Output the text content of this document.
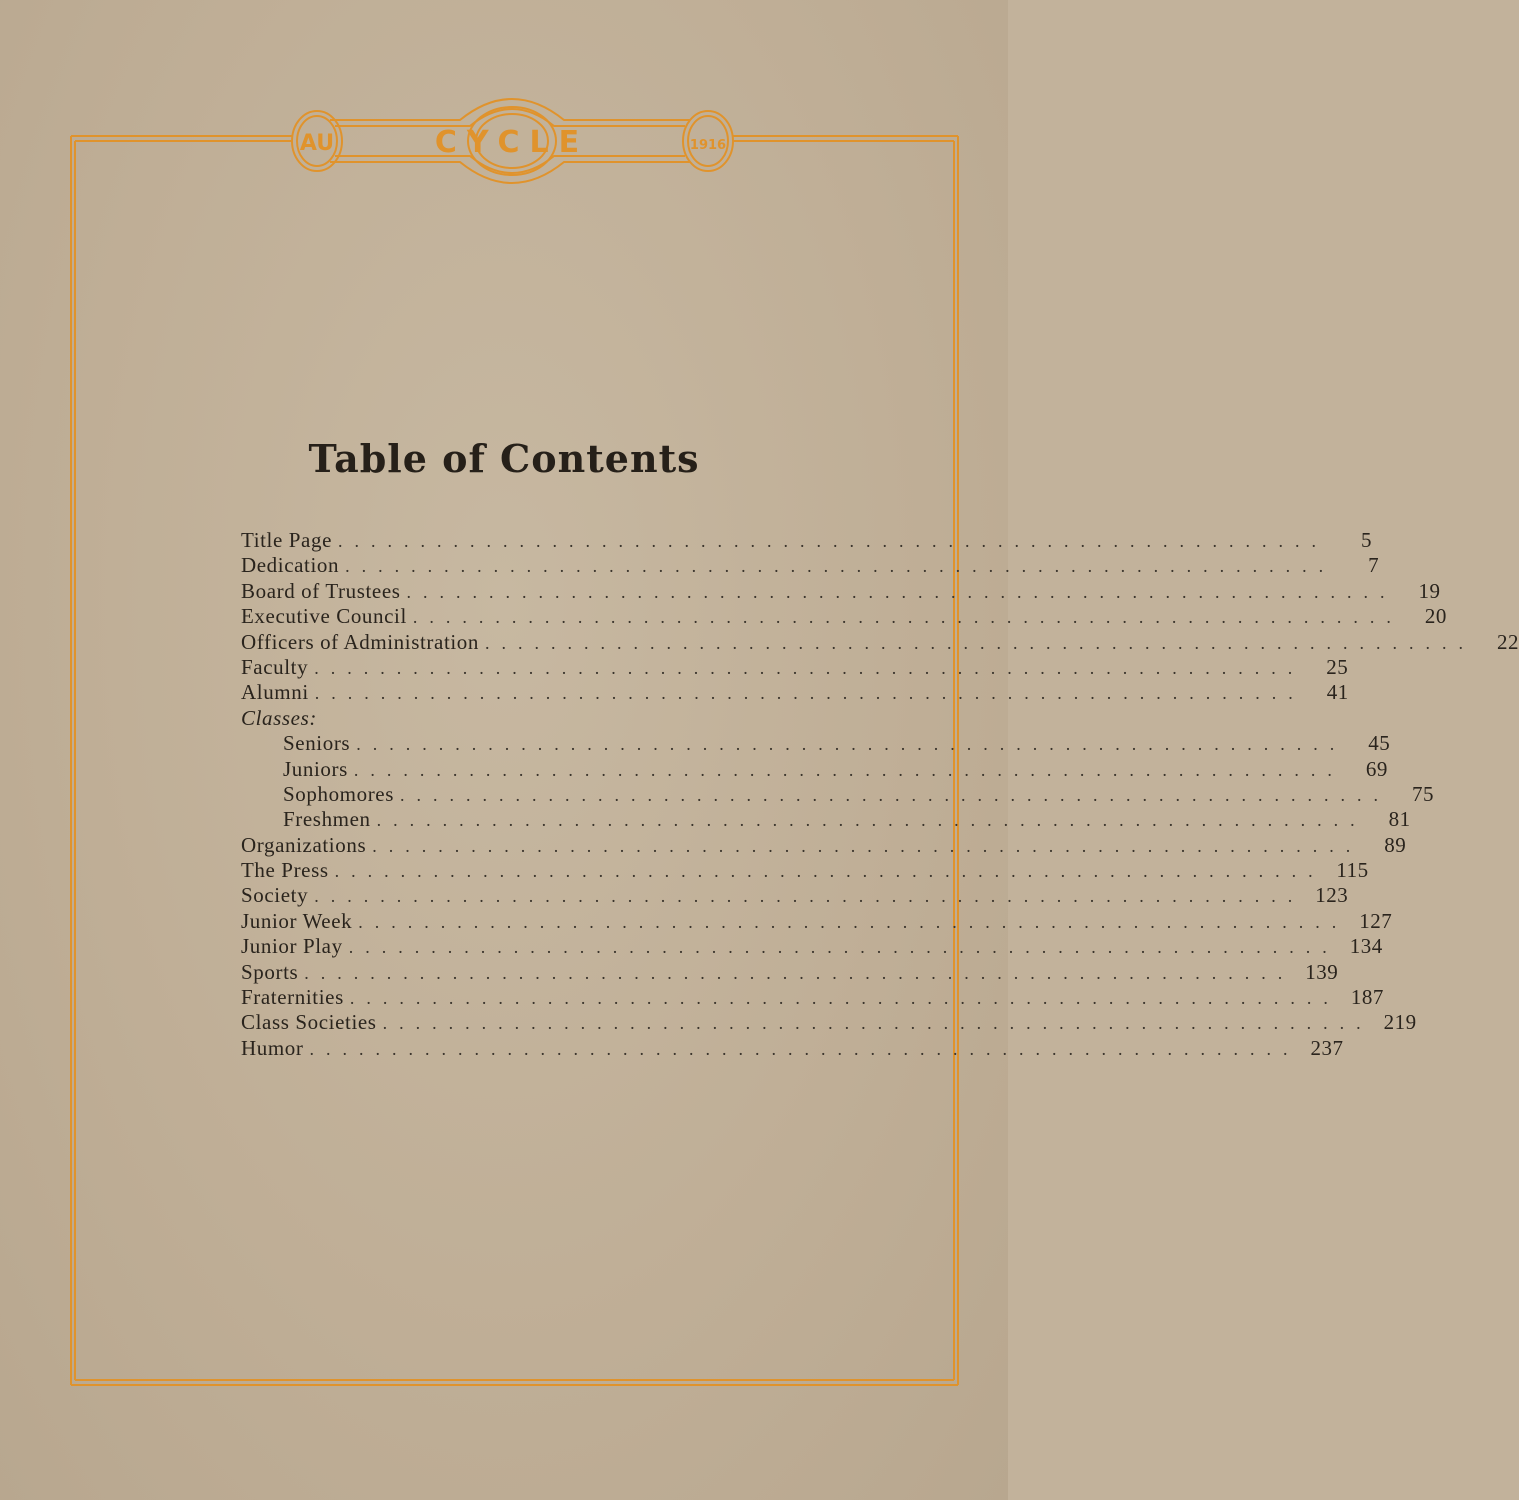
AU	CYCLE	1916
Table of Contents
Title Page ............................................................	5
Dedication ............................................................	7
Board of Trustees ............................................................	19
Executive Council ............................................................	20
Officers of Administration ............................................................	22
Faculty ............................................................	25
Alumni ............................................................	41
Classes:
Seniors ............................................................	45
Juniors ............................................................	69
Sophomores ............................................................	75
Freshmen ............................................................	81
Organizations ............................................................	89
The Press ............................................................ 115
Society ............................................................ 123
Junior Week ............................................................ 127
Junior Play ............................................................ 134
Sports ............................................................ 139
Fraternities ............................................................ 187
Class Societies ............................................................ 219
Humor ............................................................ 237
